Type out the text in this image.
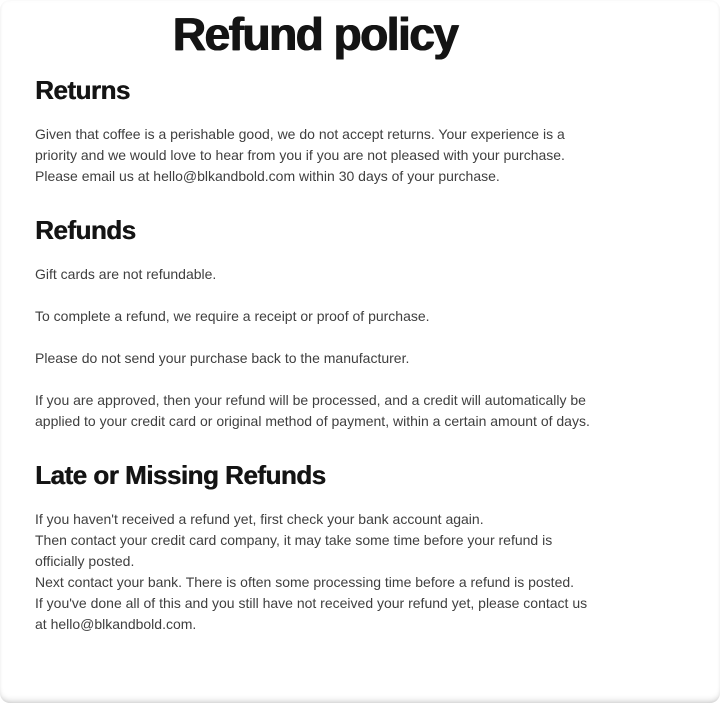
Refund policy
Returns

Given that coffee is a perishable good, we do not accept returns. Your experience is a priority and we would love to hear from you if you are not pleased with your purchase. Please email us at hello@blkandbold.com within 30 days of your purchase.

Refunds

Gift cards are not refundable.

To complete a refund, we require a receipt or proof of purchase.

Please do not send your purchase back to the manufacturer.

If you are approved, then your refund will be processed, and a credit will automatically be applied to your credit card or original method of payment, within a certain amount of days.

Late or Missing Refunds

If you haven't received a refund yet, first check your bank account again.
Then contact your credit card company, it may take some time before your refund is officially posted.
Next contact your bank. There is often some processing time before a refund is posted.
If you've done all of this and you still have not received your refund yet, please contact us at hello@blkandbold.com.
